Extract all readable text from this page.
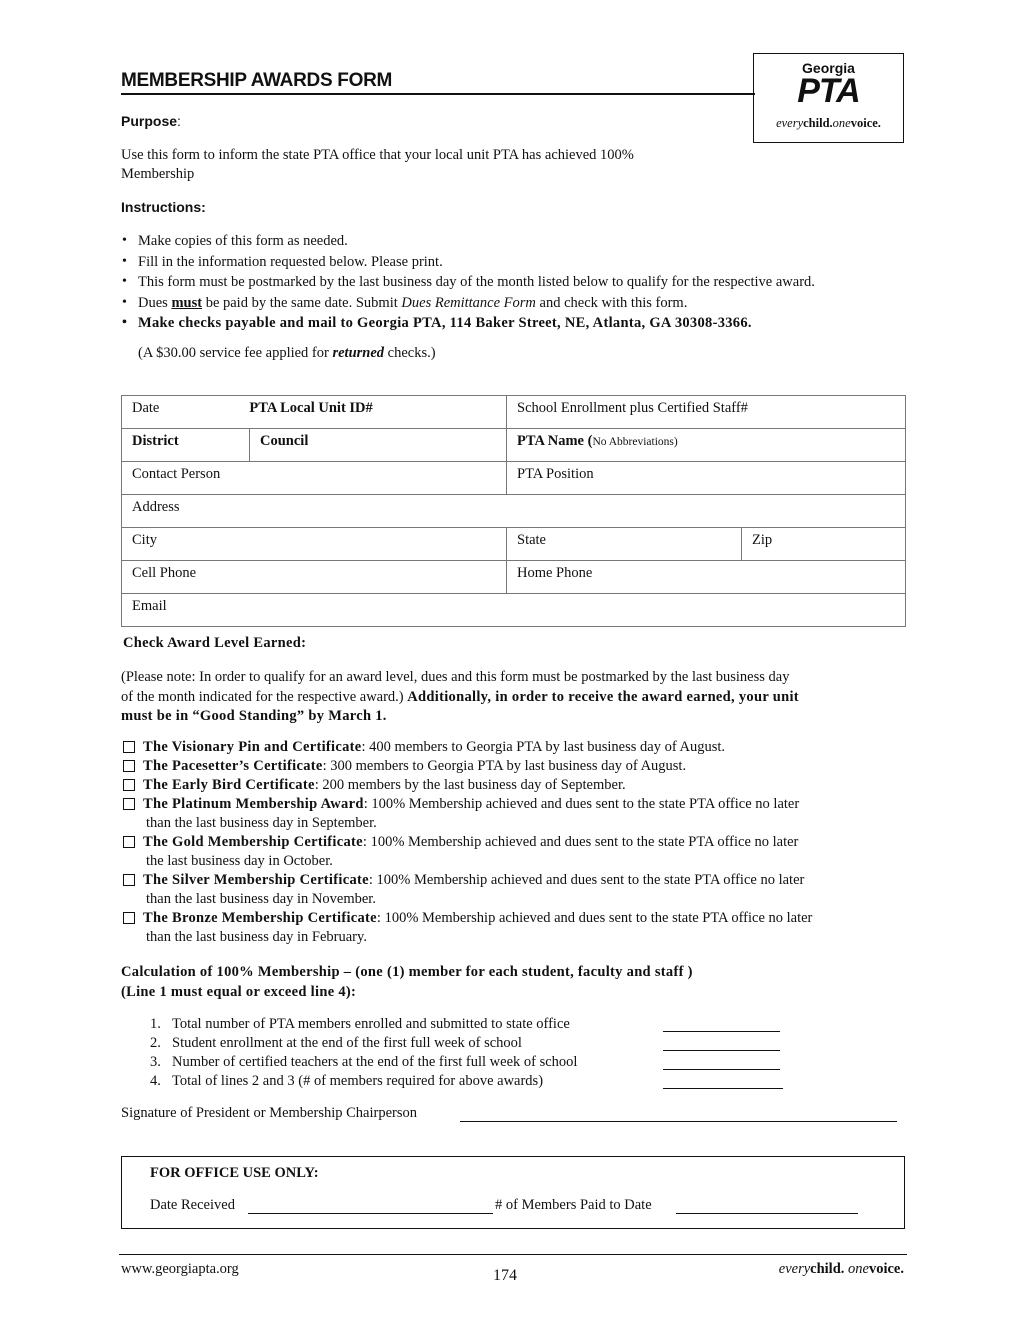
MEMBERSHIP AWARDS FORM
Georgia
PTA
everychild.onevoice.
Purpose:
Use this form to inform the state PTA office that your local unit PTA has achieved 100%
Membership
Instructions:
• Make copies of this form as needed.
• Fill in the information requested below. Please print.
• This form must be postmarked by the last business day of the month listed below to qualify for the respective award.
• Dues must be paid by the same date. Submit Dues Remittance Form and check with this form.
• Make checks payable and mail to Georgia PTA, 114 Baker Street, NE, Atlanta, GA 30308-3366.
(A $30.00 service fee applied for returned checks.)
Date PTA Local Unit ID#		School Enrollment plus Certified Staff#	
District	Council	PTA Name (No Abbreviations)	
Contact Person		PTA Position	
Address			
City		State	Zip
Cell Phone		Home Phone	
Email			
Check Award Level Earned:
(Please note: In order to qualify for an award level, dues and this form must be postmarked by the last business day
of the month indicated for the respective award.) Additionally, in order to receive the award earned, your unit
must be in “Good Standing” by March 1.
The Visionary Pin and Certificate: 400 members to Georgia PTA by last business day of August.
The Pacesetter’s Certificate: 300 members to Georgia PTA by last business day of August.
The Early Bird Certificate: 200 members by the last business day of September.
The Platinum Membership Award: 100% Membership achieved and dues sent to the state PTA office no later
than the last business day in September.
The Gold Membership Certificate: 100% Membership achieved and dues sent to the state PTA office no later
the last business day in October.
The Silver Membership Certificate: 100% Membership achieved and dues sent to the state PTA office no later
than the last business day in November.
The Bronze Membership Certificate: 100% Membership achieved and dues sent to the state PTA office no later
than the last business day in February.
Calculation of 100% Membership – (one (1) member for each student, faculty and staff )
(Line 1 must equal or exceed line 4):
1. Total number of PTA members enrolled and submitted to state office
2. Student enrollment at the end of the first full week of school
3. Number of certified teachers at the end of the first full week of school
4. Total of lines 2 and 3 (# of members required for above awards)
Signature of President or Membership Chairperson
FOR OFFICE USE ONLY:
Date Received	# of Members Paid to Date
www.georgiapta.org	174	everychild. onevoice.
